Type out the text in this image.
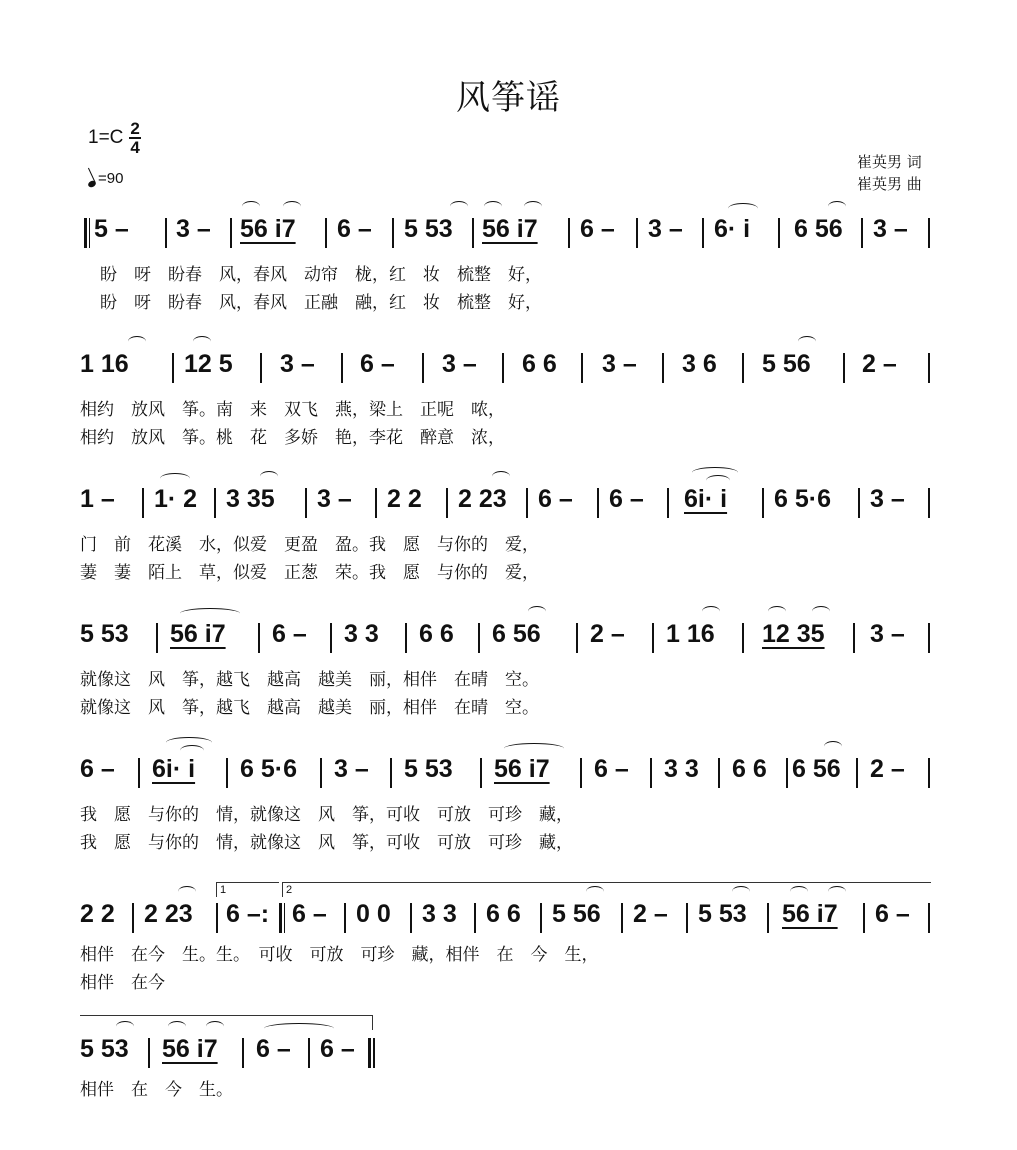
风筝谣
$1=C \frac{2}{4}$
=90
崔英男 词
崔英男 曲
5 – 3 – 56 i7 6 – 5 53 56 i7 6 – 3 – 6· i 6 56 3 –
盼　呀　盼春　风，春风　动帘　栊，红　妆　梳整　好，
盼　呀　盼春　风，春风　正融　融，红　妆　梳整　好，
1 16 12 5 3 – 6 – 3 – 6 6 3 – 3 6 5 56 2 –
相约　放风　筝。南　来　双飞　燕，梁上　正呢　哝，
相约　放风　筝。桃　花　多娇　艳，李花　醉意　浓，
1 – 1· 2 3 35 3 – 2 2 2 23 6 – 6 – 6i· i 6 5·6 3 –
门　前　花溪　水，似爱　更盈　盈。我　愿　与你的　爱，
萋　萋　陌上　草，似爱　正葱　荣。我　愿　与你的　爱，
5 53 56 i7 6 – 3 3 6 6 6 56 2 – 1 16 12 35 3 –
就像这　风　筝，越飞　越高　越美　丽，相伴　在晴　空。
就像这　风　筝，越飞　越高　越美　丽，相伴　在晴　空。
6 – 6i· i 6 5·6 3 – 5 53 56 i7 6 – 3 3 6 6 6 56 2 –
我　愿　与你的　情，就像这　风　筝，可收　可放　可珍　藏，
我　愿　与你的　情，就像这　风　筝，可收　可放　可珍　藏，
1	2
2 2 2 23 6 –: 6 – 0 0 3 3 6 6 5 56 2 – 5 53 56 i7 6 –
相伴　在今　生。生。　可收　可放　可珍　藏，相伴　在　今　生，
相伴　在今
5 53 56 i7 6 – 6 –
相伴　在　今　生。
